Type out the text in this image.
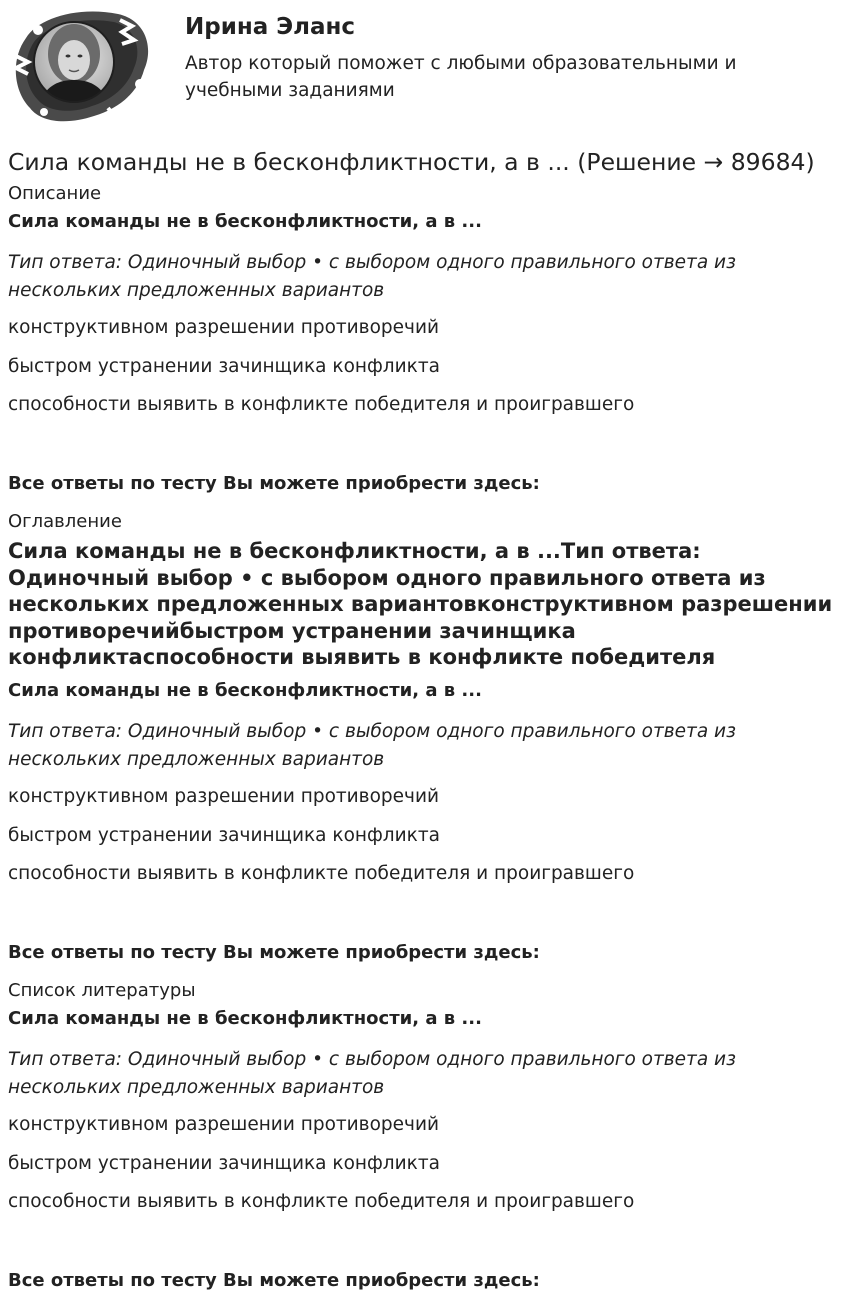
Ирина Эланс
Автор который поможет с любыми образовательными и учебными заданиями
Сила команды не в бесконфликтности, а в ... (Решение → 89684)
Описание

Сила команды не в бесконфликтности, а в ...

Тип ответа: Одиночный выбор • с выбором одного правильного ответа из нескольких предложенных вариантов

конструктивном разрешении противоречий

быстром устранении зачинщика конфликта

способности выявить в конфликте победителя и проигравшего

Все ответы по тесту Вы можете приобрести здесь:

Оглавление
Сила команды не в бесконфликтности, а в ...Тип ответа: Одиночный выбор • с выбором одного правильного ответа из нескольких предложенных вариантовконструктивном разрешении противоречийбыстром устранении зачинщика конфликтаспособности выявить в конфликте победителя

Сила команды не в бесконфликтности, а в ...

Тип ответа: Одиночный выбор • с выбором одного правильного ответа из нескольких предложенных вариантов

конструктивном разрешении противоречий

быстром устранении зачинщика конфликта

способности выявить в конфликте победителя и проигравшего

Все ответы по тесту Вы можете приобрести здесь:

Список литературы

Сила команды не в бесконфликтности, а в ...

Тип ответа: Одиночный выбор • с выбором одного правильного ответа из нескольких предложенных вариантов

конструктивном разрешении противоречий

быстром устранении зачинщика конфликта

способности выявить в конфликте победителя и проигравшего

Все ответы по тесту Вы можете приобрести здесь:
